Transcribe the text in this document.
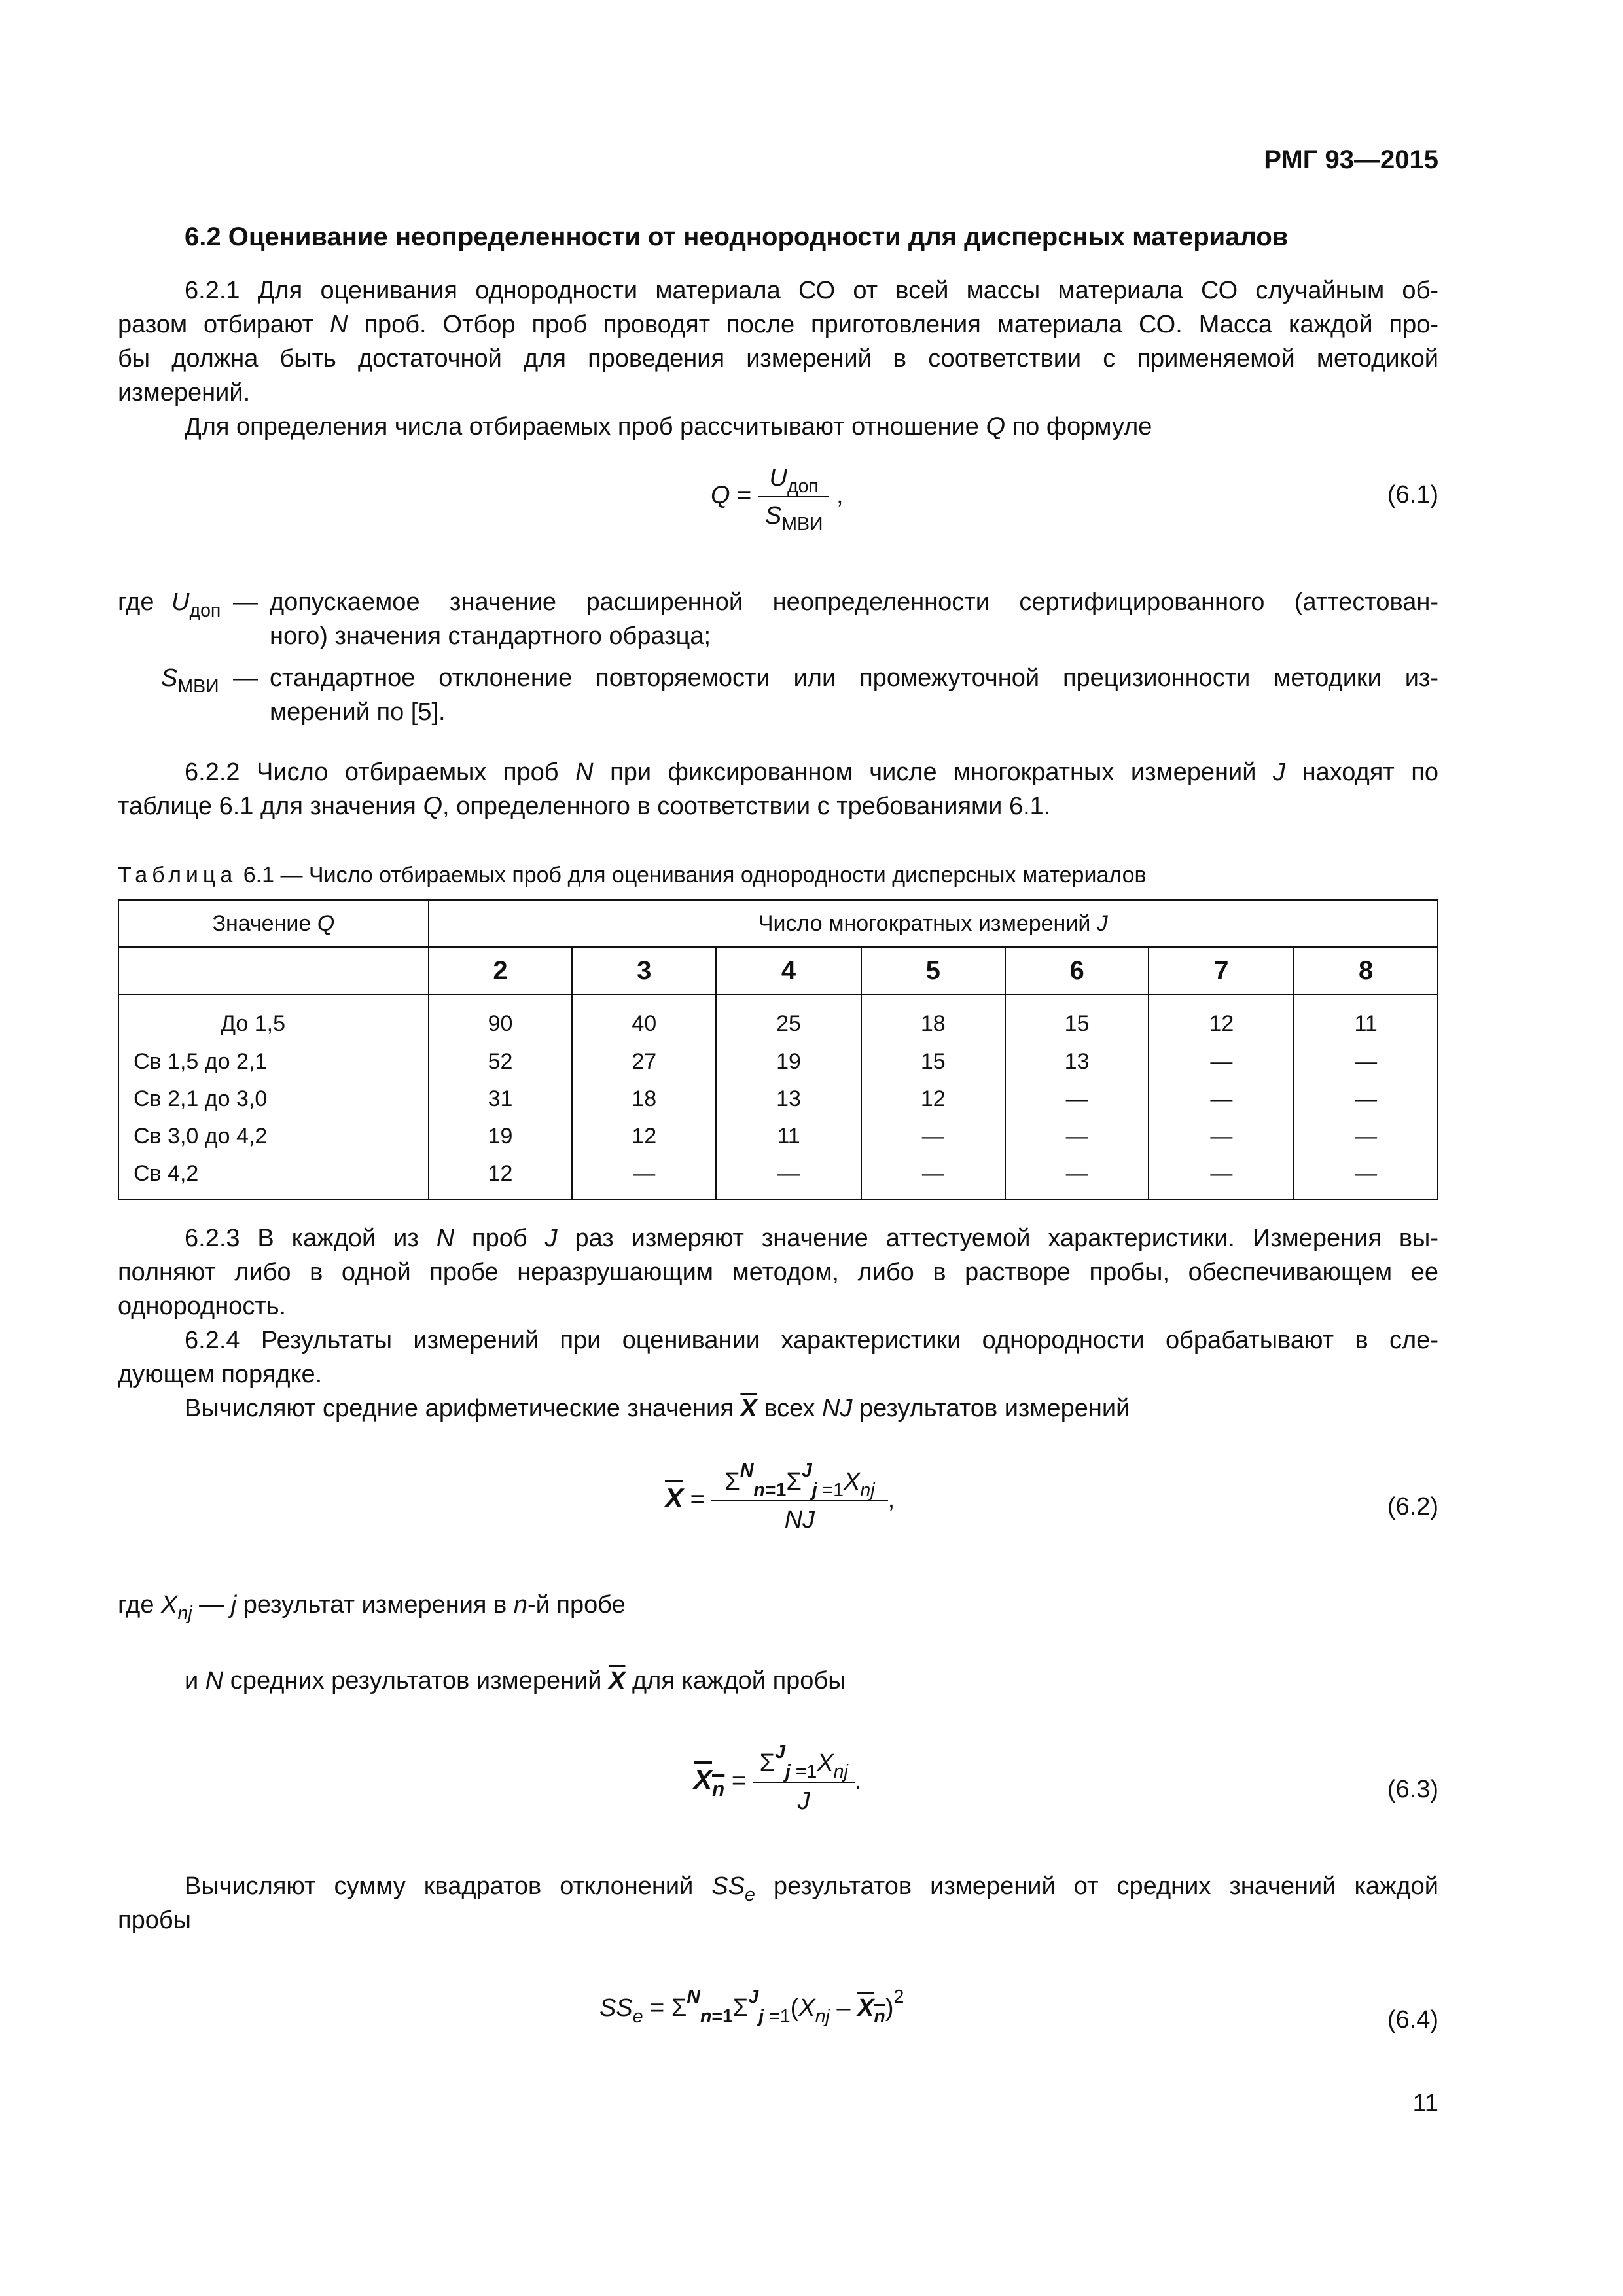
РМГ 93—2015
6.2 Оценивание неопределенности от неоднородности для дисперсных материалов
6.2.1 Для оценивания однородности материала СО от всей массы материала СО случайным об-
разом отбирают N проб. Отбор проб проводят после приготовления материала СО. Масса каждой про-
бы должна быть достаточной для проведения измерений в соответствии с применяемой методикой
измерений.
Для определения числа отбираемых проб рассчитывают отношение Q по формуле
$Q = \frac{U_{доп}}{S_{МВИ}}$ ,	(6.1)
где $U_{доп}$ — допускаемое значение расширенной неопределенности сертифицированного (аттестован-
ного) значения стандартного образца;
$S_{МВИ}$ — стандартное отклонение повторяемости или промежуточной прецизионности методики из-
мерений по [5].
6.2.2 Число отбираемых проб N при фиксированном числе многократных измерений J находят по
таблице 6.1 для значения Q, определенного в соответствии с требованиями 6.1.
Таблица 6.1 — Число отбираемых проб для оценивания однородности дисперсных материалов
Значение Q	Число многократных измерений J						
	2	3	4	5	6	7	8
До 1,5	90	40	25	18	15	12	11
Св 1,5 до 2,1	52	27	19	15	13	—	—
Св 2,1 до 3,0	31	18	13	12	—	—	—
Св 3,0 до 4,2	19	12	11	—	—	—	—
Св 4,2	12	—	—	—	—	—	—
6.2.3 В каждой из N проб J раз измеряют значение аттестуемой характеристики. Измерения вы-
полняют либо в одной пробе неразрушающим методом, либо в растворе пробы, обеспечивающем ее
однородность.
6.2.4 Результаты измерений при оценивании характеристики однородности обрабатывают в сле-
дующем порядке.
Вычисляют средние арифметические значения $\overline{X}$ всех NJ результатов измерений
$\overline{X} = \frac{\Sigma^N_{n=1}\Sigma^J_{j =1}X_{nj}}{NJ}$ ,	(6.2)
где $X_{nj}$ — j результат измерения в n-й пробе
и N средних результатов измерений $\overline{X}$ для каждой пробы
$X_n = \frac{\Sigma^J_{j =1}X_{nj}}{J}$ .	(6.3)
Вычисляют сумму квадратов отклонений $SS_e$ результатов измерений от средних значений каждой
пробы
$SS_e = \Sigma^N_{n=1}\Sigma^J_{j =1}(X_{nj} - X_n)^2$
(6.4)
11
